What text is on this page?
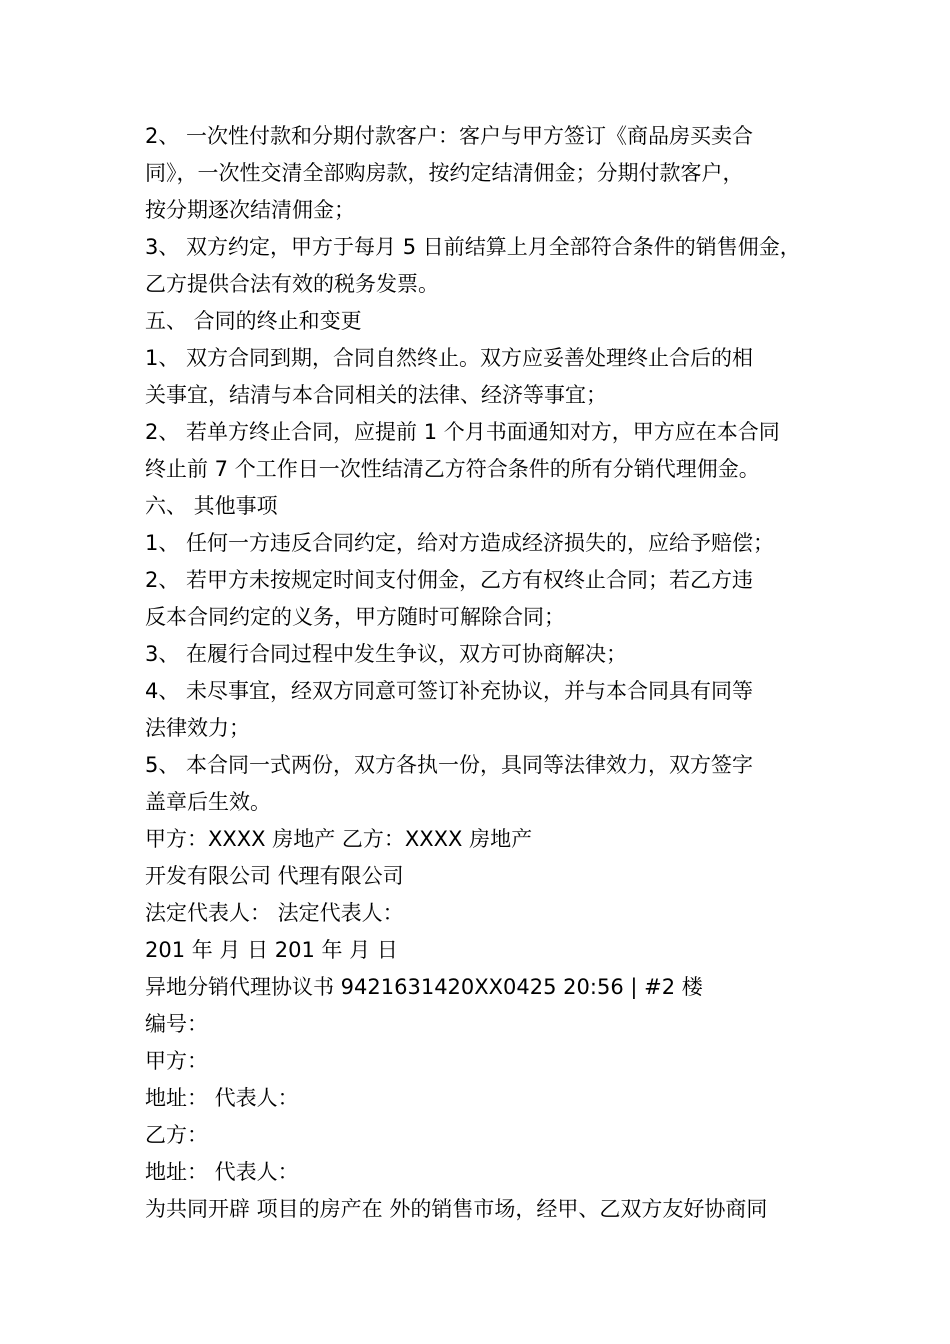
2、 一次性付款和分期付款客户：客户与甲方签订《商品房买卖合
同》，一次性交清全部购房款，按约定结清佣金；分期付款客户，
按分期逐次结清佣金；
3、 双方约定，甲方于每月 5 日前结算上月全部符合条件的销售佣金，
乙方提供合法有效的税务发票。
五、 合同的终止和变更
1、 双方合同到期，合同自然终止。双方应妥善处理终止合后的相
关事宜，结清与本合同相关的法律、经济等事宜；
2、 若单方终止合同，应提前 1 个月书面通知对方，甲方应在本合同
终止前 7 个工作日一次性结清乙方符合条件的所有分销代理佣金。
六、 其他事项
1、 任何一方违反合同约定，给对方造成经济损失的，应给予赔偿；
2、 若甲方未按规定时间支付佣金，乙方有权终止合同；若乙方违
反本合同约定的义务，甲方随时可解除合同；
3、 在履行合同过程中发生争议，双方可协商解决；
4、 未尽事宜，经双方同意可签订补充协议，并与本合同具有同等
法律效力；
5、 本合同一式两份，双方各执一份，具同等法律效力，双方签字
盖章后生效。
甲方：XXXX 房地产 乙方：XXXX 房地产
开发有限公司 代理有限公司
法定代表人： 法定代表人：
201 年 月 日 201 年 月 日
异地分销代理协议书 9421631420XX0425 20:56 | #2 楼
编号：
甲方：
地址： 代表人：
乙方：
地址： 代表人：
为共同开辟 项目的房产在 外的销售市场，经甲、乙双方友好协商同
